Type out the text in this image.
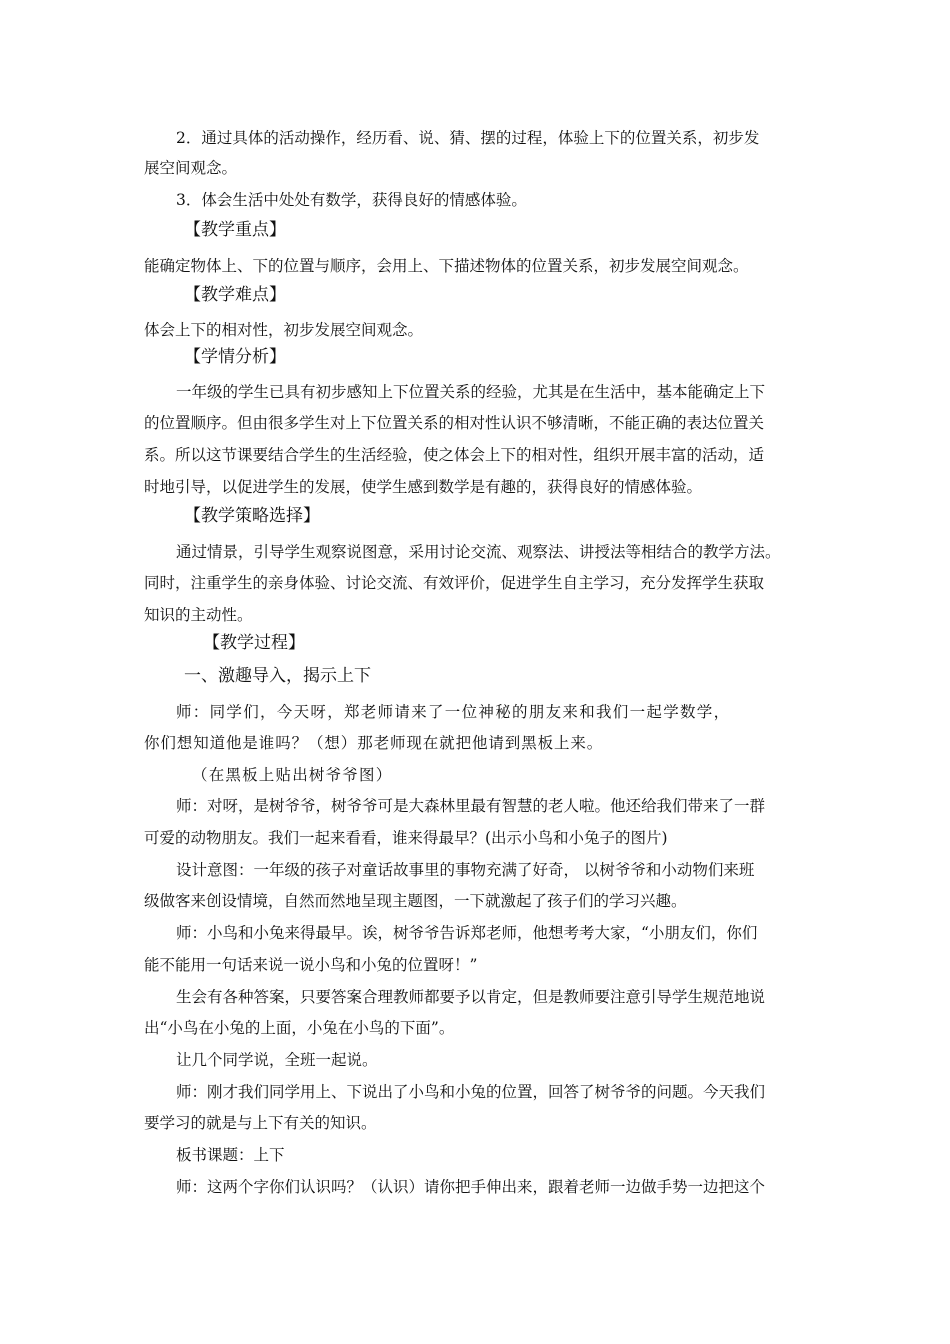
2．通过具体的活动操作，经历看、说、猜、摆的过程，体验上下的位置关系，初步发
展空间观念。
3．体会生活中处处有数学，获得良好的情感体验。
【教学重点】
能确定物体上、下的位置与顺序，会用上、下描述物体的位置关系，初步发展空间观念。
【教学难点】
体会上下的相对性，初步发展空间观念。
【学情分析】
一年级的学生已具有初步感知上下位置关系的经验，尤其是在生活中，基本能确定上下
的位置顺序。但由很多学生对上下位置关系的相对性认识不够清晰，不能正确的表达位置关
系。所以这节课要结合学生的生活经验，使之体会上下的相对性，组织开展丰富的活动，适
时地引导，以促进学生的发展，使学生感到数学是有趣的，获得良好的情感体验。
【教学策略选择】
通过情景，引导学生观察说图意，采用讨论交流、观察法、讲授法等相结合的教学方法。
同时，注重学生的亲身体验、讨论交流、有效评价，促进学生自主学习，充分发挥学生获取
知识的主动性。
【教学过程】
一、激趣导入，揭示上下
师：同学们，今天呀，郑老师请来了一位神秘的朋友来和我们一起学数学，
你们想知道他是谁吗？（想）那老师现在就把他请到黑板上来。
（在黑板上贴出树爷爷图）
师：对呀，是树爷爷，树爷爷可是大森林里最有智慧的老人啦。他还给我们带来了一群
可爱的动物朋友。我们一起来看看，谁来得最早？(出示小鸟和小兔子的图片)
设计意图：一年级的孩子对童话故事里的事物充满了好奇， 以树爷爷和小动物们来班
级做客来创设情境，自然而然地呈现主题图，一下就激起了孩子们的学习兴趣。
师：小鸟和小兔来得最早。诶，树爷爷告诉郑老师，他想考考大家，“小朋友们，你们
能不能用一句话来说一说小鸟和小兔的位置呀！”
生会有各种答案，只要答案合理教师都要予以肯定，但是教师要注意引导学生规范地说
出“小鸟在小兔的上面，小兔在小鸟的下面”。
让几个同学说，全班一起说。
师：刚才我们同学用上、下说出了小鸟和小兔的位置，回答了树爷爷的问题。今天我们
要学习的就是与上下有关的知识。
板书课题：上下
师：这两个字你们认识吗？（认识）请你把手伸出来，跟着老师一边做手势一边把这个
